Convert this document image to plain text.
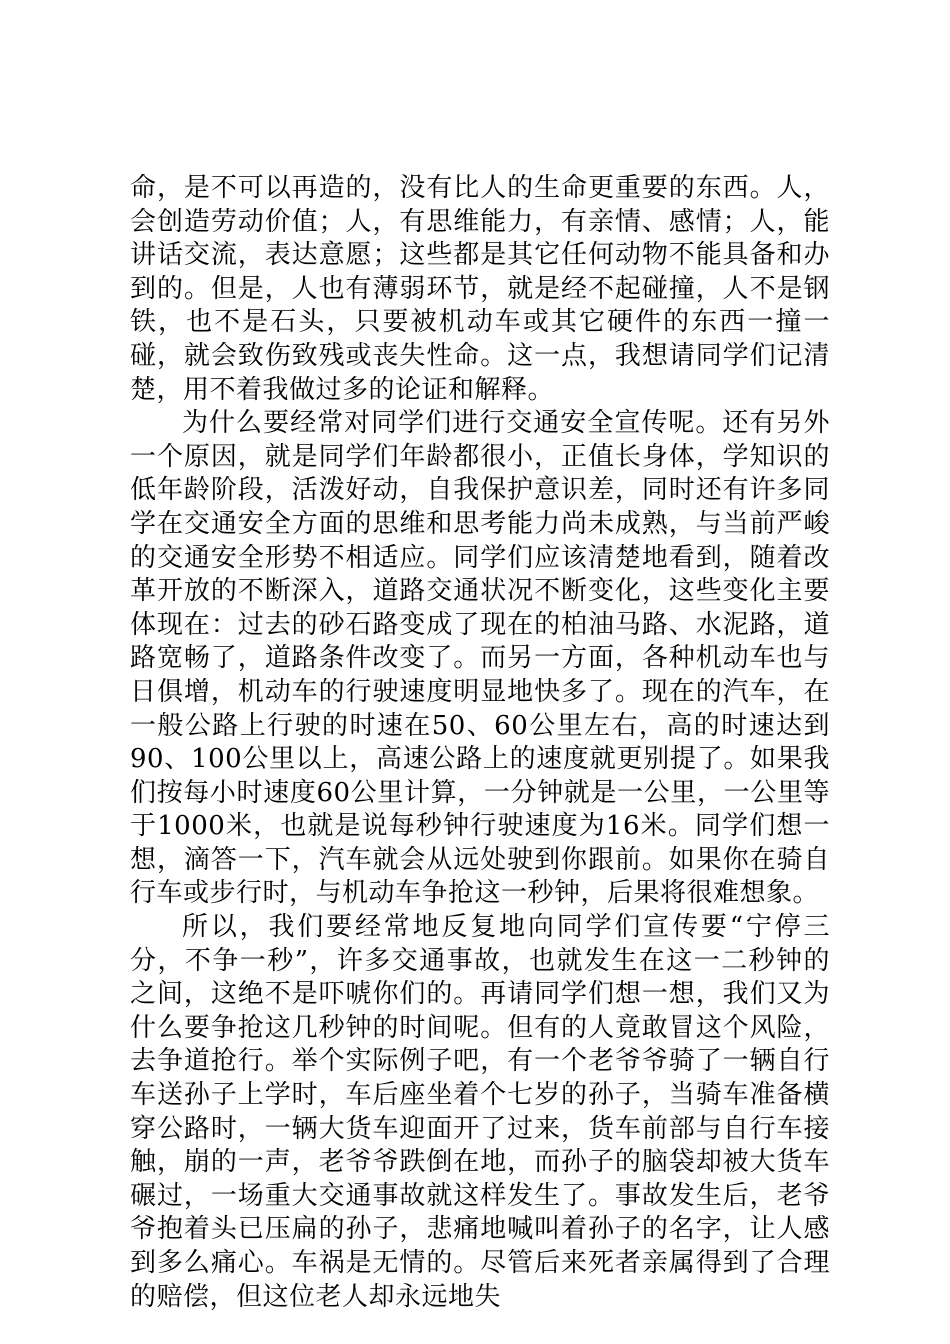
命，是不可以再造的，没有比人的生命更重要的东西。人，会创造劳动价值；人，有思维能力，有亲情、感情；人，能讲话交流，表达意愿；这些都是其它任何动物不能具备和办到的。但是，人也有薄弱环节，就是经不起碰撞，人不是钢铁，也不是石头，只要被机动车或其它硬件的东西一撞一碰，就会致伤致残或丧失性命。这一点，我想请同学们记清楚，用不着我做过多的论证和解释。

为什么要经常对同学们进行交通安全宣传呢。还有另外一个原因，就是同学们年龄都很小，正值长身体，学知识的低年龄阶段，活泼好动，自我保护意识差，同时还有许多同学在交通安全方面的思维和思考能力尚未成熟，与当前严峻的交通安全形势不相适应。同学们应该清楚地看到，随着改革开放的不断深入，道路交通状况不断变化，这些变化主要体现在：过去的砂石路变成了现在的柏油马路、水泥路，道路宽畅了，道路条件改变了。而另一方面，各种机动车也与日俱增，机动车的行驶速度明显地快多了。现在的汽车，在一般公路上行驶的时速在50、60公里左右，高的时速达到90、100公里以上，高速公路上的速度就更别提了。如果我们按每小时速度60公里计算，一分钟就是一公里，一公里等于1000米，也就是说每秒钟行驶速度为16米。同学们想一想，滴答一下，汽车就会从远处驶到你跟前。如果你在骑自行车或步行时，与机动车争抢这一秒钟，后果将很难想象。

所以，我们要经常地反复地向同学们宣传要“宁停三分，不争一秒”，许多交通事故，也就发生在这一二秒钟的之间，这绝不是吓唬你们的。再请同学们想一想，我们又为什么要争抢这几秒钟的时间呢。但有的人竟敢冒这个风险，去争道抢行。举个实际例子吧，有一个老爷爷骑了一辆自行车送孙子上学时，车后座坐着个七岁的孙子，当骑车准备横穿公路时，一辆大货车迎面开了过来，货车前部与自行车接触，崩的一声，老爷爷跌倒在地，而孙子的脑袋却被大货车碾过，一场重大交通事故就这样发生了。事故发生后，老爷爷抱着头已压扁的孙子，悲痛地喊叫着孙子的名字，让人感到多么痛心。车祸是无情的。尽管后来死者亲属得到了合理的赔偿，但这位老人却永远地失
